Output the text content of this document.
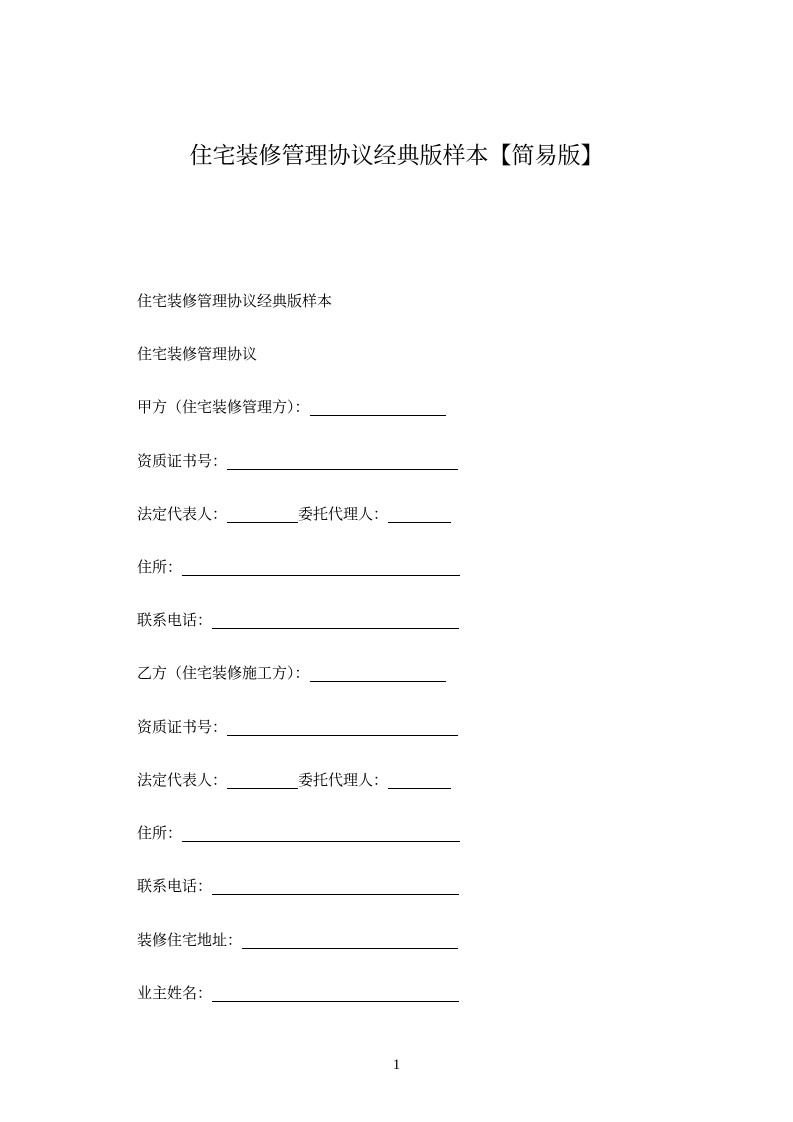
住宅装修管理协议经典版样本【简易版】
住宅装修管理协议经典版样本
住宅装修管理协议
甲方（住宅装修管理方）：
资质证书号：
法定代表人：	委托代理人：
住所：
联系电话：
乙方（住宅装修施工方）：
资质证书号：
法定代表人：	委托代理人：
住所：
联系电话：
装修住宅地址：
业主姓名：
1
